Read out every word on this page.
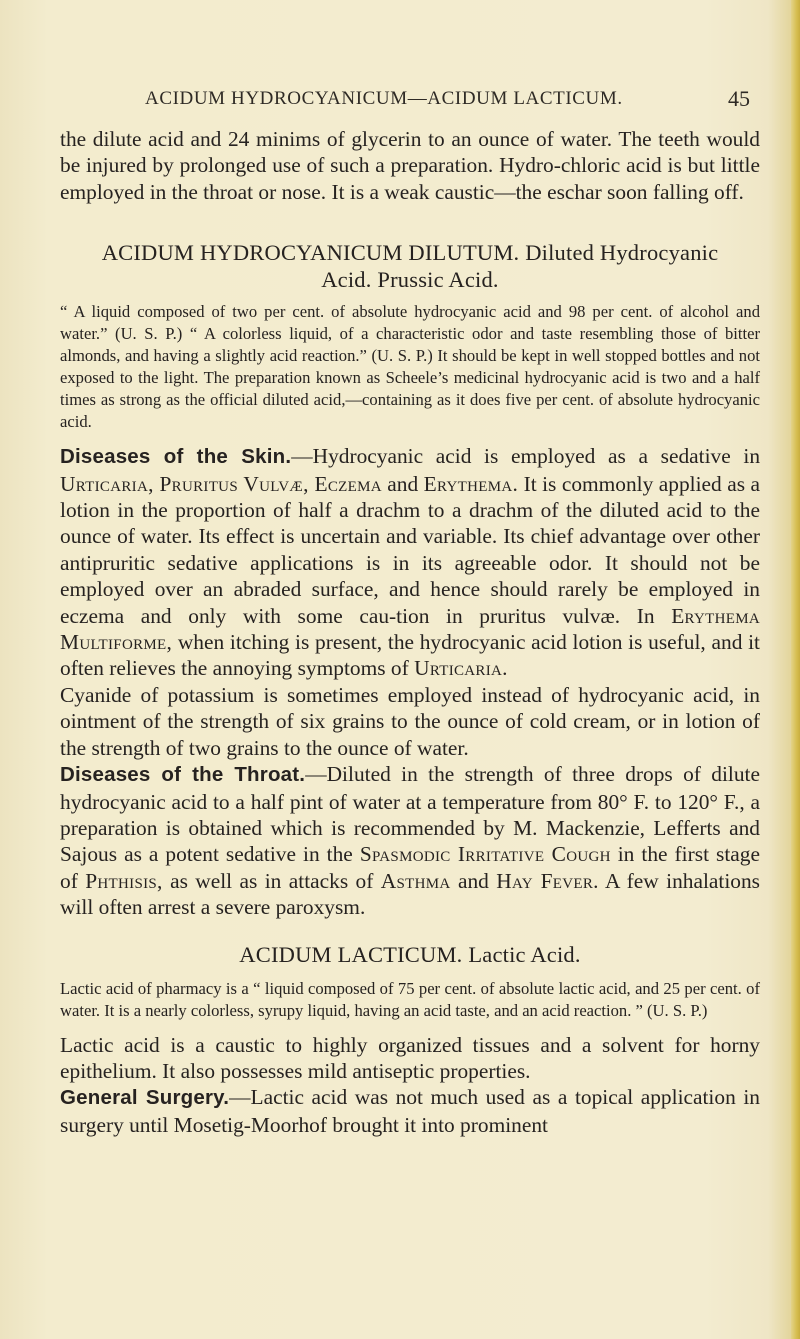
ACIDUM HYDROCYANICUM—ACIDUM LACTICUM.	45

the dilute acid and 24 minims of glycerin to an ounce of water. The teeth would be injured by prolonged use of such a preparation. Hydro-chloric acid is but little employed in the throat or nose. It is a weak caustic—the eschar soon falling off.

ACIDUM HYDROCYANICUM DILUTUM. Diluted Hydrocyanic
Acid. Prussic Acid.

“ A liquid composed of two per cent. of absolute hydrocyanic acid and 98 per cent. of alcohol and water.” (U. S. P.) “ A colorless liquid, of a characteristic odor and taste resembling those of bitter almonds, and having a slightly acid reaction.” (U. S. P.) It should be kept in well stopped bottles and not exposed to the light. The preparation known as Scheele’s medicinal hydrocyanic acid is two and a half times as strong as the official diluted acid,—containing as it does five per cent. of absolute hydrocyanic acid.

Diseases of the Skin.—Hydrocyanic acid is employed as a sedative in Urticaria, Pruritus Vulvæ, Eczema and Erythema. It is commonly applied as a lotion in the proportion of half a drachm to a drachm of the diluted acid to the ounce of water. Its effect is uncertain and variable. Its chief advantage over other antipruritic sedative applications is in its agreeable odor. It should not be employed over an abraded surface, and hence should rarely be employed in eczema and only with some cau-tion in pruritus vulvæ. In Erythema Multiforme, when itching is present, the hydrocyanic acid lotion is useful, and it often relieves the annoying symptoms of Urticaria.

Cyanide of potassium is sometimes employed instead of hydrocyanic acid, in ointment of the strength of six grains to the ounce of cold cream, or in lotion of the strength of two grains to the ounce of water.

Diseases of the Throat.—Diluted in the strength of three drops of dilute hydrocyanic acid to a half pint of water at a temperature from 80° F. to 120° F., a preparation is obtained which is recommended by M. Mackenzie, Lefferts and Sajous as a potent sedative in the Spasmodic Irritative Cough in the first stage of Phthisis, as well as in attacks of Asthma and Hay Fever. A few inhalations will often arrest a severe paroxysm.

ACIDUM LACTICUM. Lactic Acid.

Lactic acid of pharmacy is a “ liquid composed of 75 per cent. of absolute lactic acid, and 25 per cent. of water. It is a nearly colorless, syrupy liquid, having an acid taste, and an acid reaction. ” (U. S. P.)

Lactic acid is a caustic to highly organized tissues and a solvent for horny epithelium. It also possesses mild antiseptic properties.

General Surgery.—Lactic acid was not much used as a topical application in surgery until Mosetig-Moorhof brought it into prominent
